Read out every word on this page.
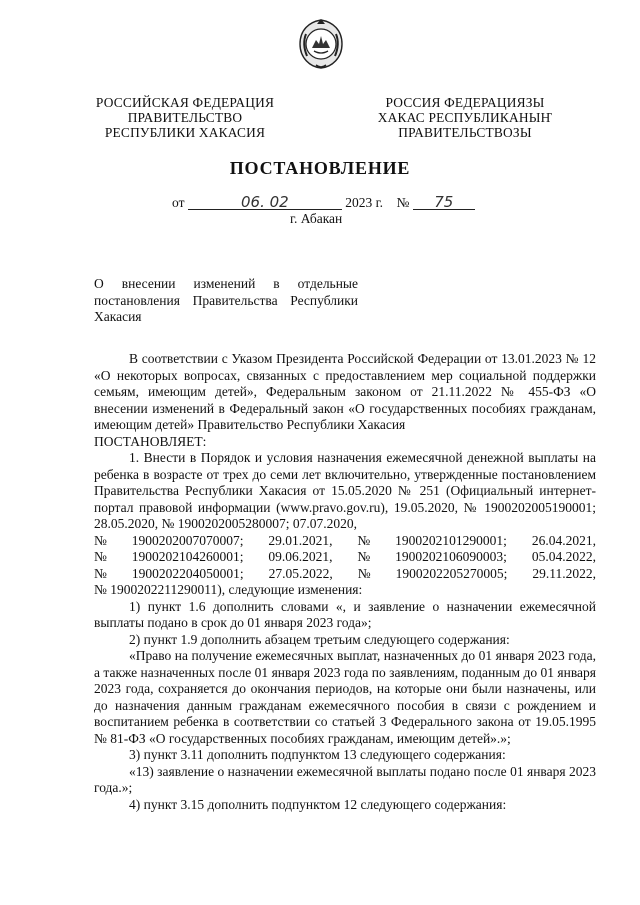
РОССИЙСКАЯ ФЕДЕРАЦИЯ
ПРАВИТЕЛЬСТВО
РЕСПУБЛИКИ ХАКАСИЯ
РОССИЯ ФЕДЕРАЦИЯЗЫ
ХАКАС РЕСПУБЛИКАНЫҤ
ПРАВИТЕЛЬСТВОЗЫ
ПОСТАНОВЛЕНИЕ
от	06. 02	2023 г. № 75
г. Абакан
О внесении изменений в отдельные постановления Правительства Республики Хакасия

В соответствии с Указом Президента Российской Федерации от 13.01.2023 № 12 «О некоторых вопросах, связанных с предоставлением мер социальной поддержки семьям, имеющим детей», Федеральным законом от 21.11.2022 № 455-ФЗ «О внесении изменений в Федеральный закон «О государственных пособиях гражданам, имеющим детей» Правительство Республики Хакасия

ПОСТАНОВЛЯЕТ:

1. Внести в Порядок и условия назначения ежемесячной денежной выплаты на ребенка в возрасте от трех до семи лет включительно, утвержденные постановлением Правительства Республики Хакасия от 15.05.2020 № 251 (Официальный интернет-портал правовой информации (www.pravo.gov.ru), 19.05.2020, № 1900202005190001; 28.05.2020, № 1900202005280007; 07.07.2020,

№ 1900202007070007; 29.01.2021, № 1900202101290001; 26.04.2021,
№ 1900202104260001; 09.06.2021, № 1900202106090003; 05.04.2022,
№ 1900202204050001; 27.05.2022, № 1900202205270005; 29.11.2022,

№ 1900202211290011), следующие изменения:

1) пункт 1.6 дополнить словами «, и заявление о назначении ежемесячной выплаты подано в срок до 01 января 2023 года»;

2) пункт 1.9 дополнить абзацем третьим следующего содержания:

«Право на получение ежемесячных выплат, назначенных до 01 января 2023 года, а также назначенных после 01 января 2023 года по заявлениям, поданным до 01 января 2023 года, сохраняется до окончания периодов, на которые они были назначены, или до назначения данным гражданам ежемесячного пособия в связи с рождением и воспитанием ребенка в соответствии со статьей 3 Федерального закона от 19.05.1995 № 81-ФЗ «О государственных пособиях гражданам, имеющим детей».»;

3) пункт 3.11 дополнить подпунктом 13 следующего содержания:

«13) заявление о назначении ежемесячной выплаты подано после 01 января 2023 года.»;

4) пункт 3.15 дополнить подпунктом 12 следующего содержания:
